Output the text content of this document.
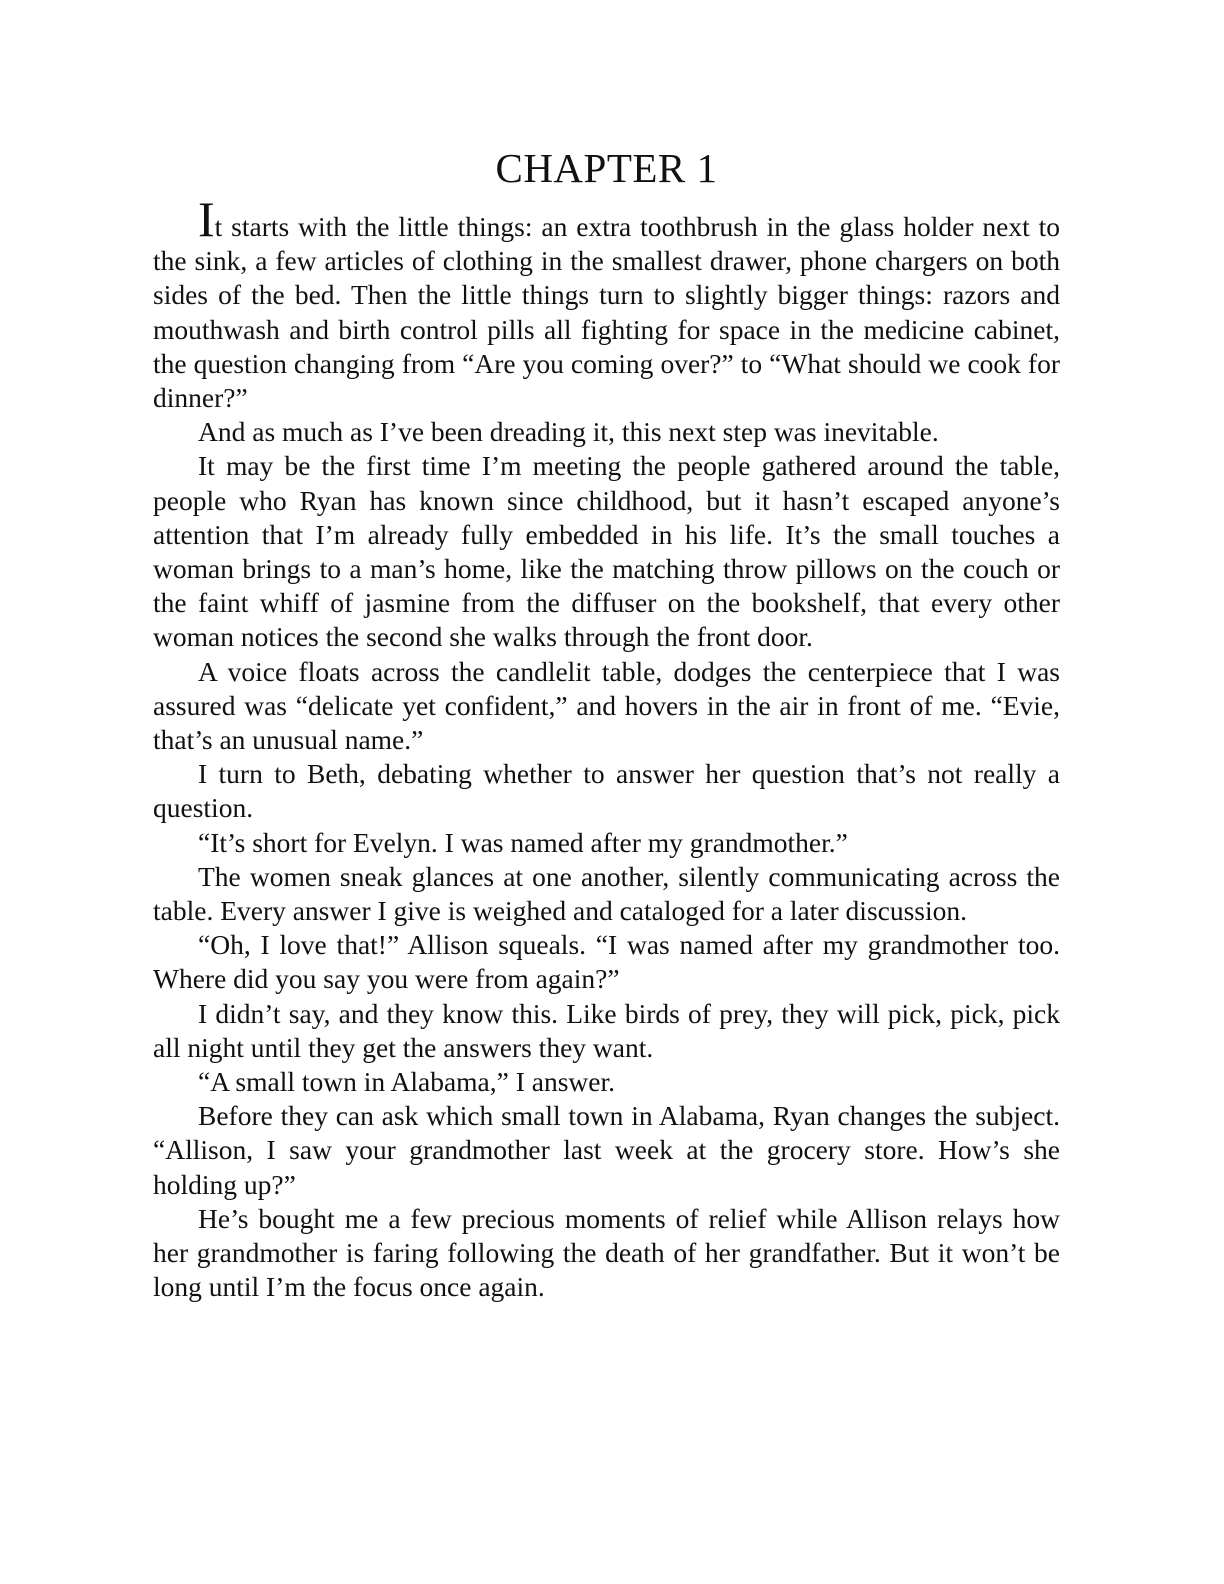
CHAPTER 1

It starts with the little things: an extra toothbrush in the glass holder next to the sink, a few articles of clothing in the smallest drawer, phone chargers on both sides of the bed. Then the little things turn to slightly bigger things: razors and mouthwash and birth control pills all fighting for space in the medicine cabinet, the question changing from “Are you coming over?” to “What should we cook for dinner?”

And as much as I’ve been dreading it, this next step was inevitable.

It may be the first time I’m meeting the people gathered around the table, people who Ryan has known since childhood, but it hasn’t escaped anyone’s attention that I’m already fully embedded in his life. It’s the small touches a woman brings to a man’s home, like the matching throw pillows on the couch or the faint whiff of jasmine from the diffuser on the bookshelf, that every other woman notices the second she walks through the front door.

A voice floats across the candlelit table, dodges the centerpiece that I was assured was “delicate yet confident,” and hovers in the air in front of me. “Evie, that’s an unusual name.”

I turn to Beth, debating whether to answer her question that’s not really a question.

“It’s short for Evelyn. I was named after my grandmother.”

The women sneak glances at one another, silently communicating across the table. Every answer I give is weighed and cataloged for a later discussion.

“Oh, I love that!” Allison squeals. “I was named after my grandmother too. Where did you say you were from again?”

I didn’t say, and they know this. Like birds of prey, they will pick, pick, pick all night until they get the answers they want.

“A small town in Alabama,” I answer.

Before they can ask which small town in Alabama, Ryan changes the subject. “Allison, I saw your grandmother last week at the grocery store. How’s she holding up?”

He’s bought me a few precious moments of relief while Allison relays how her grandmother is faring following the death of her grandfather. But it won’t be long until I’m the focus once again.
